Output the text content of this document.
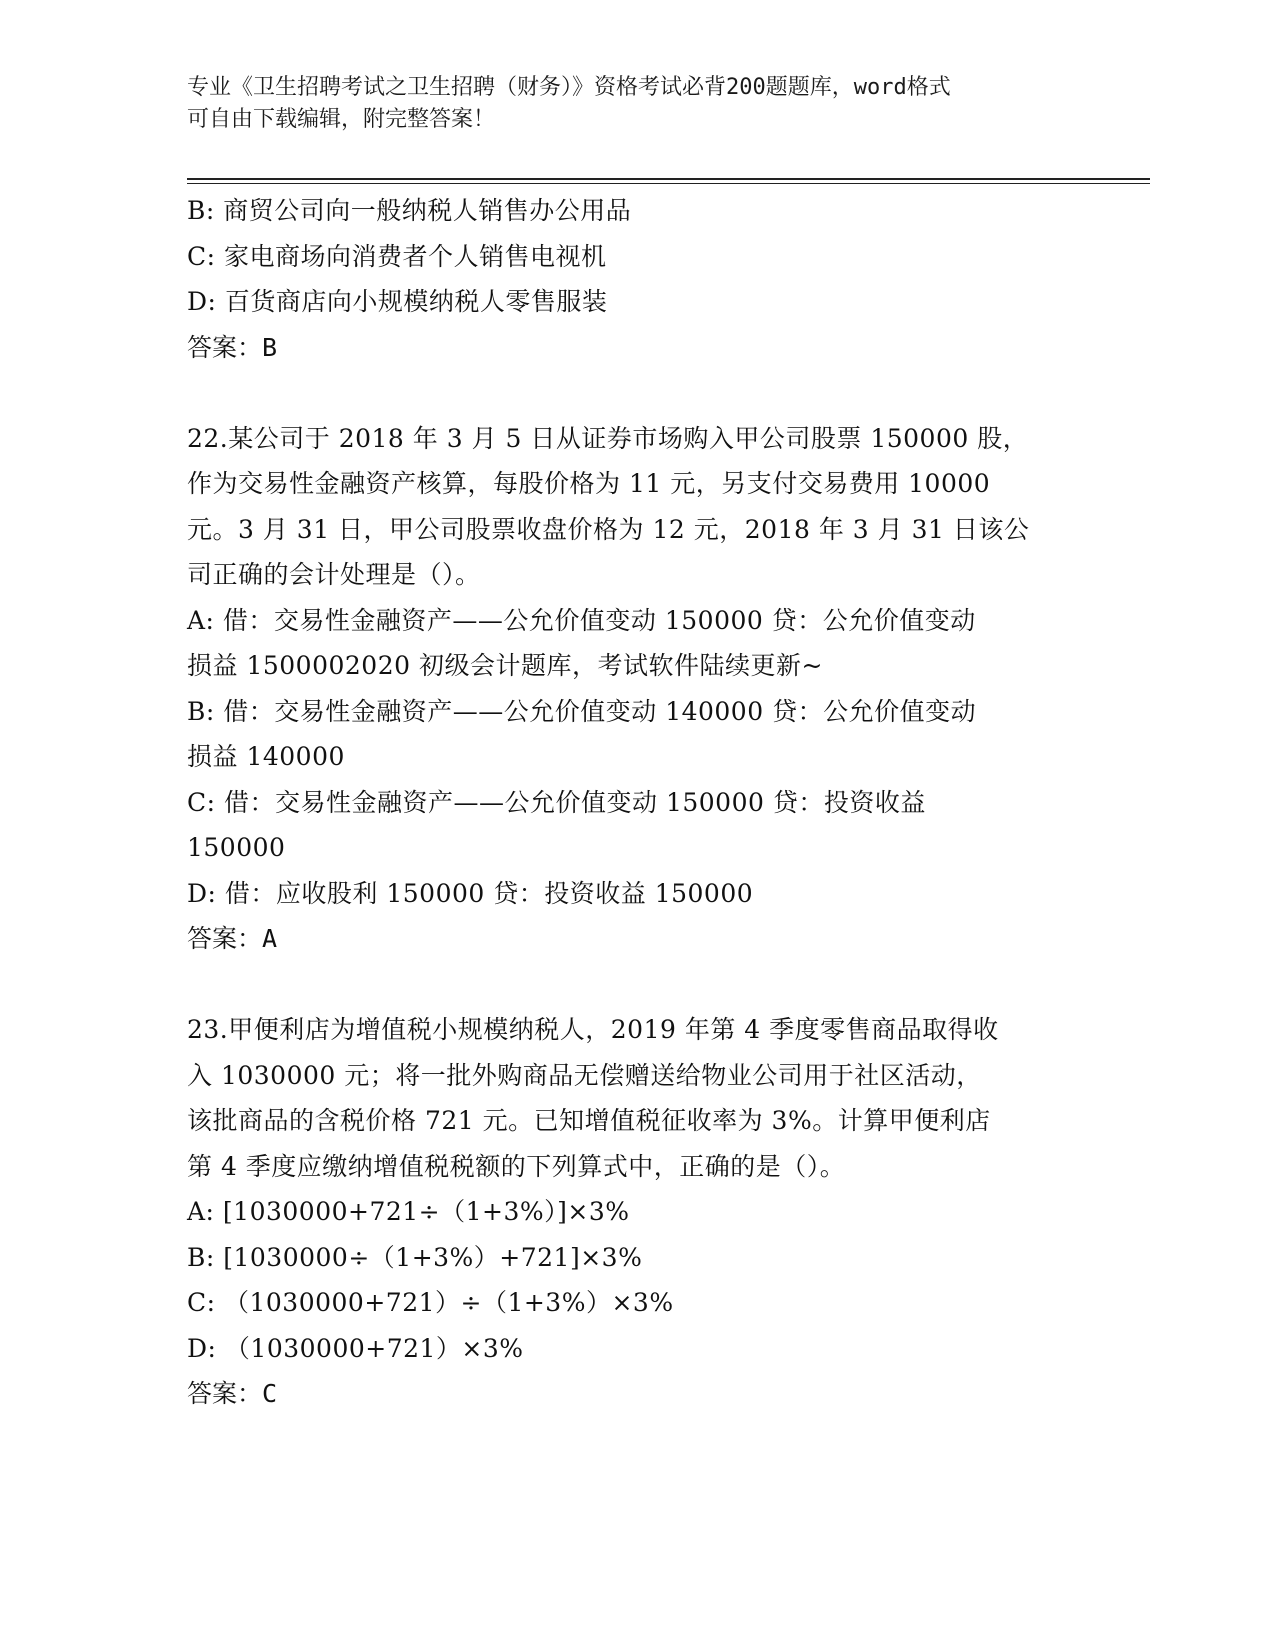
专业《卫生招聘考试之卫生招聘（财务）》资格考试必背200题题库，word格式
可自由下载编辑，附完整答案！
B: 商贸公司向一般纳税人销售办公用品
C: 家电商场向消费者个人销售电视机
D: 百货商店向小规模纳税人零售服装
答案：B
22.某公司于 2018 年 3 月 5 日从证券市场购入甲公司股票 150000 股，
作为交易性金融资产核算，每股价格为 11 元，另支付交易费用 10000
元。3 月 31 日，甲公司股票收盘价格为 12 元，2018 年 3 月 31 日该公
司正确的会计处理是（）。
A: 借：交易性金融资产——公允价值变动 150000 贷：公允价值变动
损益 1500002020 初级会计题库，考试软件陆续更新~
B: 借：交易性金融资产——公允价值变动 140000 贷：公允价值变动
损益 140000
C: 借：交易性金融资产——公允价值变动 150000 贷：投资收益
150000
D: 借：应收股利 150000 贷：投资收益 150000
答案：A
23.甲便利店为增值税小规模纳税人，2019 年第 4 季度零售商品取得收
入 1030000 元；将一批外购商品无偿赠送给物业公司用于社区活动，
该批商品的含税价格 721 元。已知增值税征收率为 3%。计算甲便利店
第 4 季度应缴纳增值税税额的下列算式中，正确的是（）。
A: [1030000+721÷（1+3%）]×3%
B: [1030000÷（1+3%）+721]×3%
C: （1030000+721）÷（1+3%）×3%
D: （1030000+721）×3%
答案：C
